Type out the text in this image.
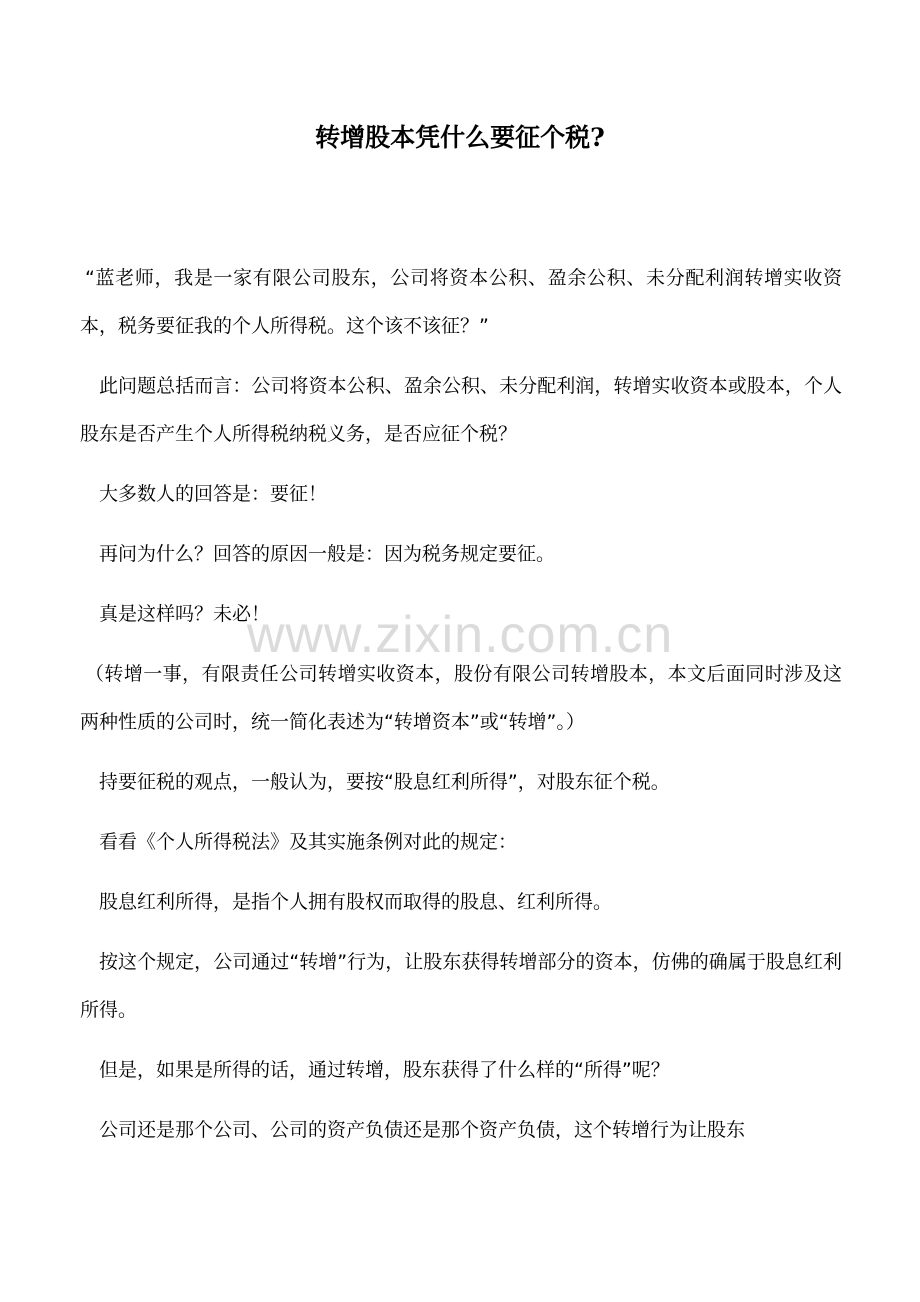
转增股本凭什么要征个税?

“蓝老师，我是一家有限公司股东，公司将资本公积、盈余公积、未分配利润转增实收资本，税务要征我的个人所得税。这个该不该征？”

此问题总括而言：公司将资本公积、盈余公积、未分配利润，转增实收资本或股本，个人股东是否产生个人所得税纳税义务，是否应征个税？

大多数人的回答是：要征！

再问为什么？回答的原因一般是：因为税务规定要征。

真是这样吗？未必！

（转增一事，有限责任公司转增实收资本，股份有限公司转增股本，本文后面同时涉及这两种性质的公司时，统一简化表述为“转增资本”或“转增”。）

持要征税的观点，一般认为，要按“股息红利所得”，对股东征个税。

看看《个人所得税法》及其实施条例对此的规定：

股息红利所得，是指个人拥有股权而取得的股息、红利所得。

按这个规定，公司通过“转增”行为，让股东获得转增部分的资本，仿佛的确属于股息红利所得。

但是，如果是所得的话，通过转增，股东获得了什么样的“所得”呢？

公司还是那个公司、公司的资产负债还是那个资产负债，这个转增行为让股东

www.zixin.com.cn
